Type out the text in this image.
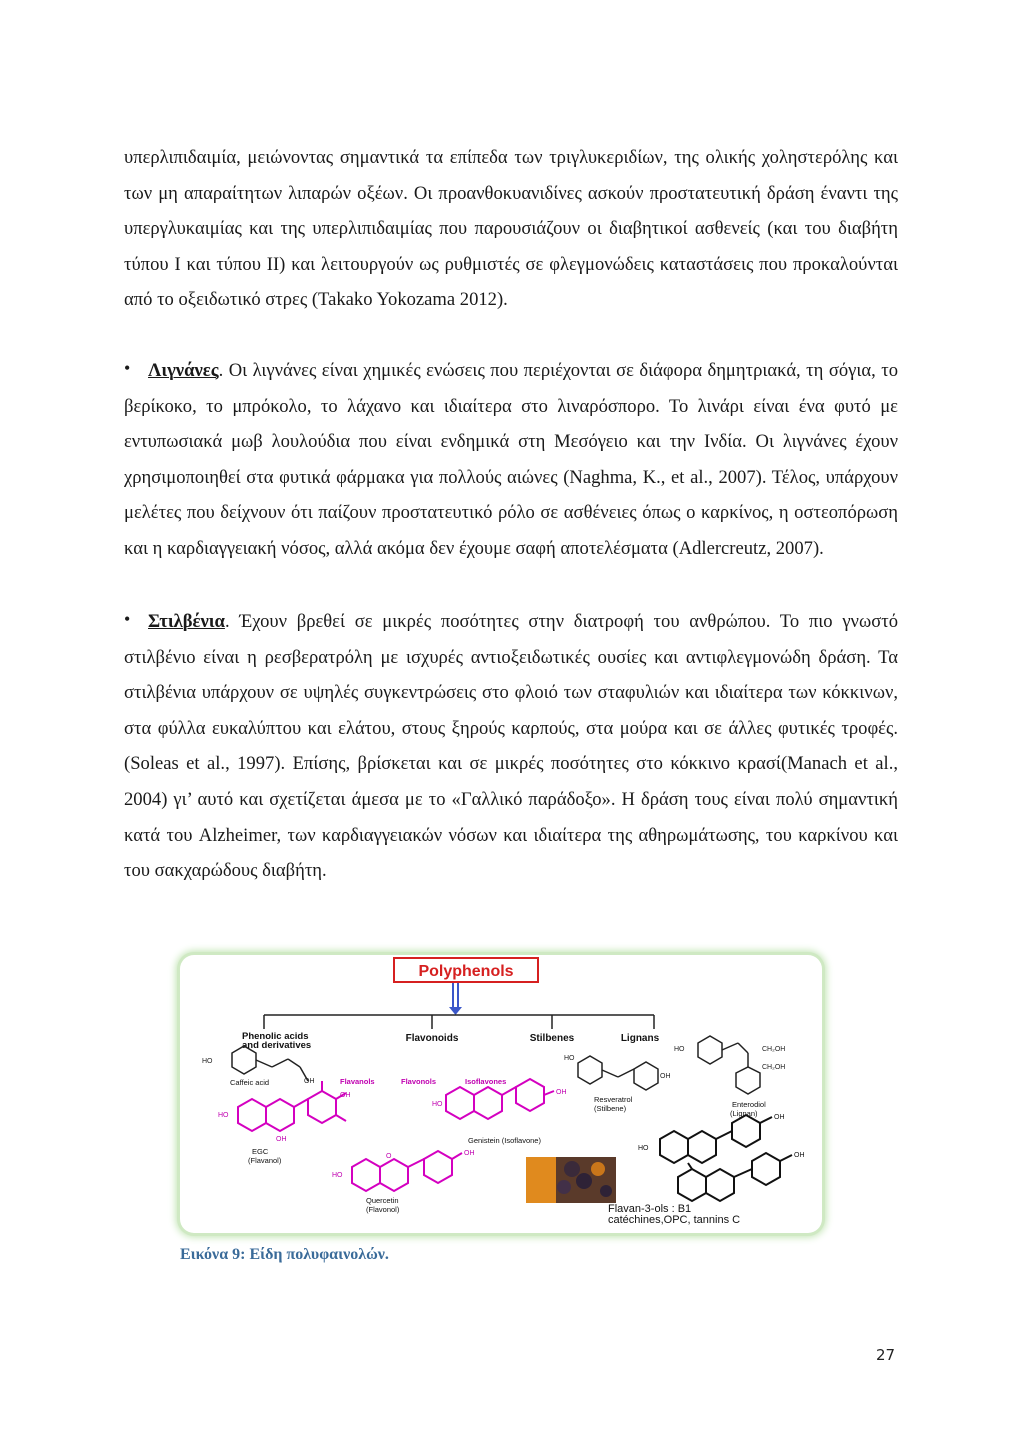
υπερλιπιδαιμία, μειώνοντας σημαντικά τα επίπεδα των τριγλυκεριδίων, της ολικής χοληστερόλης και των μη απαραίτητων λιπαρών οξέων. Οι προανθοκυανιδίνες ασκούν προστατευτική δράση έναντι της υπεργλυκαιμίας και της υπερλιπιδαιμίας που παρουσιάζουν οι διαβητικοί ασθενείς (και του διαβήτη τύπου I και τύπου II) και λειτουργούν ως ρυθμιστές σε φλεγμονώδεις καταστάσεις που προκαλούνται από το οξειδωτικό στρες (Takako Yokozama 2012).
• Λιγνάνες. Οι λιγνάνες είναι χημικές ενώσεις που περιέχονται σε διάφορα δημητριακά, τη σόγια, το βερίκοκο, το μπρόκολο, το λάχανο και ιδιαίτερα στο λιναρόσπορο. Το λινάρι είναι ένα φυτό με εντυπωσιακά μωβ λουλούδια που είναι ενδημικά στη Μεσόγειο και την Ινδία. Οι λιγνάνες έχουν χρησιμοποιηθεί στα φυτικά φάρμακα για πολλούς αιώνες (Naghma, K., et al., 2007). Τέλος, υπάρχουν μελέτες που δείχνουν ότι παίζουν προστατευτικό ρόλο σε ασθένειες όπως ο καρκίνος, η οστεοπόρωση και η καρδιαγγειακή νόσος, αλλά ακόμα δεν έχουμε σαφή αποτελέσματα (Adlercreutz, 2007).
• Στιλβένια. Έχουν βρεθεί σε μικρές ποσότητες στην διατροφή του ανθρώπου. Το πιο γνωστό στιλβένιο είναι η ρεσβερατρόλη με ισχυρές αντιοξειδωτικές ουσίες και αντιφλεγμονώδη δράση. Τα στιλβένια υπάρχουν σε υψηλές συγκεντρώσεις στο φλοιό των σταφυλιών και ιδιαίτερα των κόκκινων, στα φύλλα ευκαλύπτου και ελάτου, στους ξηρούς καρπούς, στα μούρα και σε άλλες φυτικές τροφές. (Soleas et al., 1997). Επίσης, βρίσκεται και σε μικρές ποσότητες στο κόκκινο κρασί(Manach et al., 2004) γι’ αυτό και σχετίζεται άμεσα με το «Γαλλικό παράδοξο». Η δράση τους είναι πολύ σημαντική κατά του Alzheimer, των καρδιαγγειακών νόσων και ιδιαίτερα της αθηρωμάτωσης, του καρκίνου και του σακχαρώδους διαβήτη.
Polyphenols
Phenolic acids
and derivatives
Flavonoids	Stilbenes	Lignans
HO
OH
Caffeic acid	Flavanols	Flavonols	Isoflavones
HO
OH
OH
EGC
(Flavanol)
HO
OH
Genistein (Isoflavone)
HO
O	OH
Quercetin
(Flavonol)
HO
OH
Resveratrol
(Stilbene)
HO	CH₂OH
CH₂OH
Enterodiol
(Lignan)
HO
OH
OH
Flavan-3-ols : B1
catéchines,OPC, tannins C
Εικόνα 9: Είδη πολυφαινολών.
27
